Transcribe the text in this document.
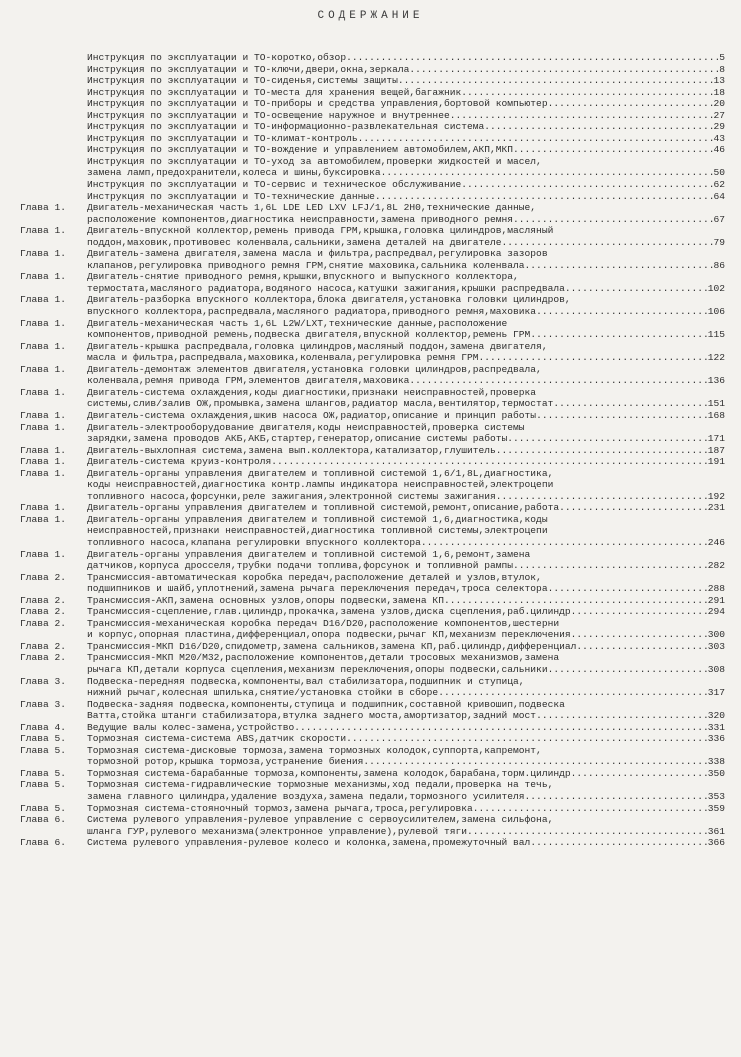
СОДЕРЖАНИЕ
Инструкция по эксплуатации и ТО-коротко,обзор .....	5
Инструкция по эксплуатации и ТО-ключи,двери,окна,зеркала .....	8
Инструкция по эксплуатации и ТО-сиденья,системы защиты .....	13
Инструкция по эксплуатации и ТО-места для хранения вещей,багажник .....	18
Инструкция по эксплуатации и ТО-приборы и средства управления,бортовой компьютер .....	20
Инструкция по эксплуатации и ТО-освещение наружное и внутреннее .....	27
Инструкция по эксплуатации и ТО-информационно-развлекательная система .....	29
Инструкция по эксплуатации и ТО-климат-контроль .....	43
Инструкция по эксплуатации и ТО-вождение и управлением автомобилем,АКП,МКП .....	46
Инструкция по эксплуатации и ТО-уход за автомобилем,проверки жидкостей и масел,
замена ламп,предохранители,колеса и шины,буксировка .....	50
Инструкция по эксплуатации и ТО-сервис и техническое обслуживание .....	62
Инструкция по эксплуатации и ТО-технические данные .....	64
Глава 1.	Двигатель-механическая часть 1,6L LDE LED LXV LFJ/1,8L 2H0,технические данные,
расположение компонентов,диагностика неисправности,замена приводного ремня .....	67
Глава 1.	Двигатель-впускной коллектор,ремень привода ГРМ,крышка,головка цилиндров,масляный
поддон,маховик,противовес коленвала,сальники,замена деталей на двигателе .....	79
Глава 1.	Двигатель-замена двигателя,замена масла и фильтра,распредвал,регулировка зазоров
клапанов,регулировка приводного ремня ГРМ,снятие маховика,сальника коленвала .....	86
Глава 1.	Двигатель-снятие приводного ремня,крышки,впускного и выпускного коллектора,
термостата,масляного радиатора,водяного насоса,катушки зажигания,крышки распредвала .....	102
Глава 1.	Двигатель-разборка впускного коллектора,блока двигателя,установка головки цилиндров,
впускного коллектора,распредвала,масляного радиатора,приводного ремня,маховика .....	106
Глава 1.	Двигатель-механическая часть 1,6L L2W/LXT,технические данные,расположение
компонентов,приводной ремень,подвеска двигателя,впускной коллектор,ремень ГРМ .....	115
Глава 1.	Двигатель-крышка распредвала,головка цилиндров,масляный поддон,замена двигателя,
масла и фильтра,распредвала,маховика,коленвала,регулировка ремня ГРМ .....	122
Глава 1.	Двигатель-демонтаж элементов двигателя,установка головки цилиндров,распредвала,
коленвала,ремня привода ГРМ,элементов двигателя,маховика .....	136
Глава 1.	Двигатель-система охлаждения,коды диагностики,признаки неисправностей,проверка
системы,слив/залив ОЖ,промывка,замена шлангов,радиатор масла,вентилятор,термостат .....	151
Глава 1.	Двигатель-система охлаждения,шкив насоса ОЖ,радиатор,описание и принцип работы .....	168
Глава 1.	Двигатель-электрооборудование двигателя,коды неисправностей,проверка системы
зарядки,замена проводов АКБ,АКБ,стартер,генератор,описание системы работы .....	171
Глава 1.	Двигатель-выхлопная система,замена вып.коллектора,катализатор,глушитель .....	187
Глава 1.	Двигатель-система круиз-контроля .....	191
Глава 1.	Двигатель-органы управления двигателем и топливной системой 1,6/1,8L,диагностика,
коды неисправностей,диагностика контр.лампы индикатора неисправностей,электроцепи
топливного насоса,форсунки,реле зажигания,электронной системы зажигания .....	192
Глава 1.	Двигатель-органы управления двигателем и топливной системой,ремонт,описание,работа .....	231
Глава 1.	Двигатель-органы управления двигателем и топливной системой 1,6,диагностика,коды
неисправностей,признаки неисправностей,диагностика топливной системы,электроцепи
топливного насоса,клапана регулировки впускного коллектора .....	246
Глава 1.	Двигатель-органы управления двигателем и топливной системой 1,6,ремонт,замена
датчиков,корпуса дросселя,трубки подачи топлива,форсунок и топливной рампы .....	282
Глава 2.	Трансмиссия-автоматическая коробка передач,расположение деталей и узлов,втулок,
подшипников и шайб,уплотнений,замена рычага переключения передач,троса селектора .....	288
Глава 2.	Трансмиссия-АКП,замена основных узлов,опоры подвески,замена КП .....	291
Глава 2.	Трансмиссия-сцепление,глав.цилиндр,прокачка,замена узлов,диска сцепления,раб.цилиндр .....	294
Глава 2.	Трансмиссия-механическая коробка передач D16/D20,расположение компонентов,шестерни
и корпус,опорная пластина,дифференциал,опора подвески,рычаг КП,механизм переключения .....	300
Глава 2.	Трансмиссия-МКП D16/D20,спидометр,замена сальников,замена КП,раб.цилиндр,дифференциал .....	303
Глава 2.	Трансмиссия-МКП M20/M32,расположение компонентов,детали тросовых механизмов,замена
рычага КП,детали корпуса сцепления,механизм переключения,опоры подвески,сальники .....	308
Глава 3.	Подвеска-передняя подвеска,компоненты,вал стабилизатора,подшипник и ступица,
нижний рычаг,колесная шпилька,снятие/установка стойки в сборе .....	317
Глава 3.	Подвеска-задняя подвеска,компоненты,ступица и подшипник,составной кривошип,подвеска
Ватта,стойка штанги стабилизатора,втулка заднего моста,амортизатор,задний мост .....	320
Глава 4.	Ведущие валы колес-замена,устройство .....	331
Глава 5.	Тормозная система-система ABS,датчик скорости .....	336
Глава 5.	Тормозная система-дисковые тормоза,замена тормозных колодок,суппорта,капремонт,
тормозной ротор,крышка тормоза,устранение биения .....	338
Глава 5.	Тормозная система-барабанные тормоза,компоненты,замена колодок,барабана,торм.цилиндр .....	350
Глава 5.	Тормозная система-гидравлические тормозные механизмы,ход педали,проверка на течь,
замена главного цилиндра,удаление воздуха,замена педали,тормозного усилителя .....	353
Глава 5.	Тормозная система-стояночный тормоз,замена рычага,троса,регулировка .....	359
Глава 6.	Система рулевого управления-рулевое управление с сервоусилителем,замена сильфона,
шланга ГУР,рулевого механизма(электронное управление),рулевой тяги .....	361
Глава 6.	Система рулевого управления-рулевое колесо и колонка,замена,промежуточный вал .....	366
